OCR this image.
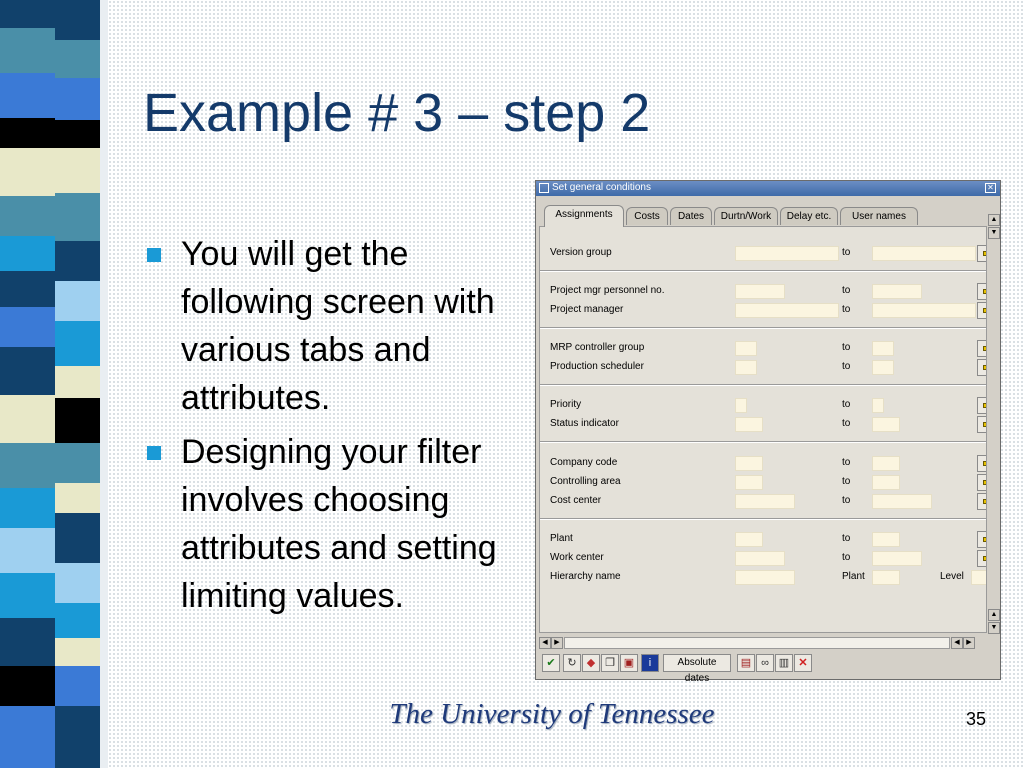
Example # 3 – step 2
You will get the following screen with various tabs and attributes.
Designing your filter involves choosing attributes and setting limiting values.
Set general conditions	✕
Assignments	Costs	Dates	Durtn/Work	Delay etc.	User names	▲
▼
▲
▼
Version group	to
Project mgr personnel no.	to
Project manager	to
MRP controller group	to
Production scheduler	to
Priority	to
Status indicator	to
Company code	to
Controlling area	to
Cost center	to
Plant	to
Work center	to
Hierarchy name	Plant	Level
◀ ▶	◀ ▶
✔	↻ ◆ ❐ ▣	i	Absolute dates
▤ ∞ ▥ ✕
The University of Tennessee	35
